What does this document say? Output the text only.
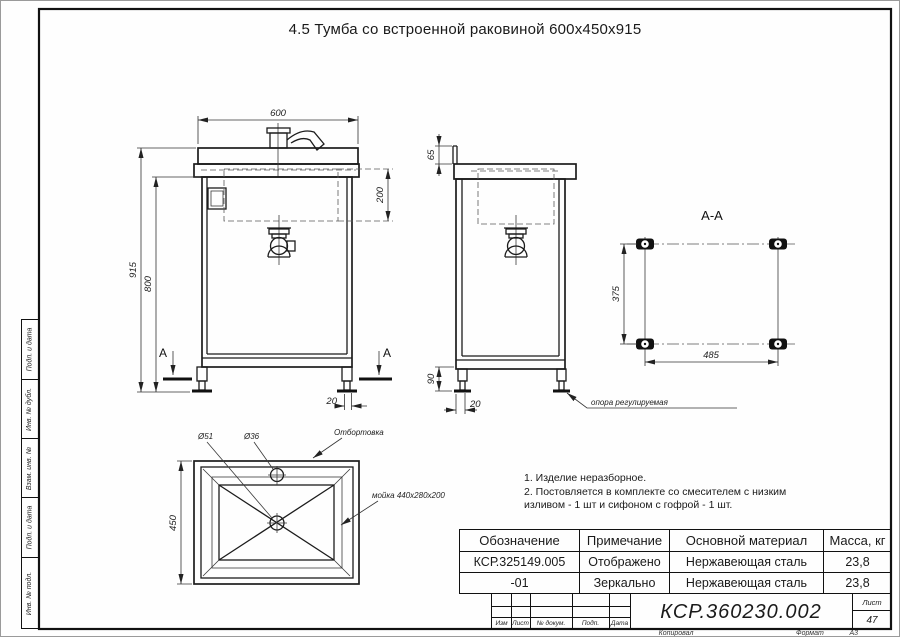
600
915
800
200
20
А	А
65
90
20	опора регулируемая
А-А
375
485
Ø51	Ø36	Отбортовка
мойка 440х280х200
450
4.5 Тумба со встроенной раковиной 600х450х915
1. Изделие неразборное.
2. Постовляется в комплекте со смесителем с низким
изливом - 1 шт и сифоном с гофрой - 1 шт.
Обозначение	Примечание	Основной материал	Масса, кг
КСР.325149.005	Отображено	Нержавеющая сталь	23,8
-01	Зеркально	Нержавеющая сталь	23,8
Изм Лист	№ докум.	Подп.	Дата
КСР.360230.002	Лист
47
Копировал	Формат	А3
Подп. и дата
Инв. № дубл.
Взам. инв. №
Подп. и дата
Инв. № подл.
